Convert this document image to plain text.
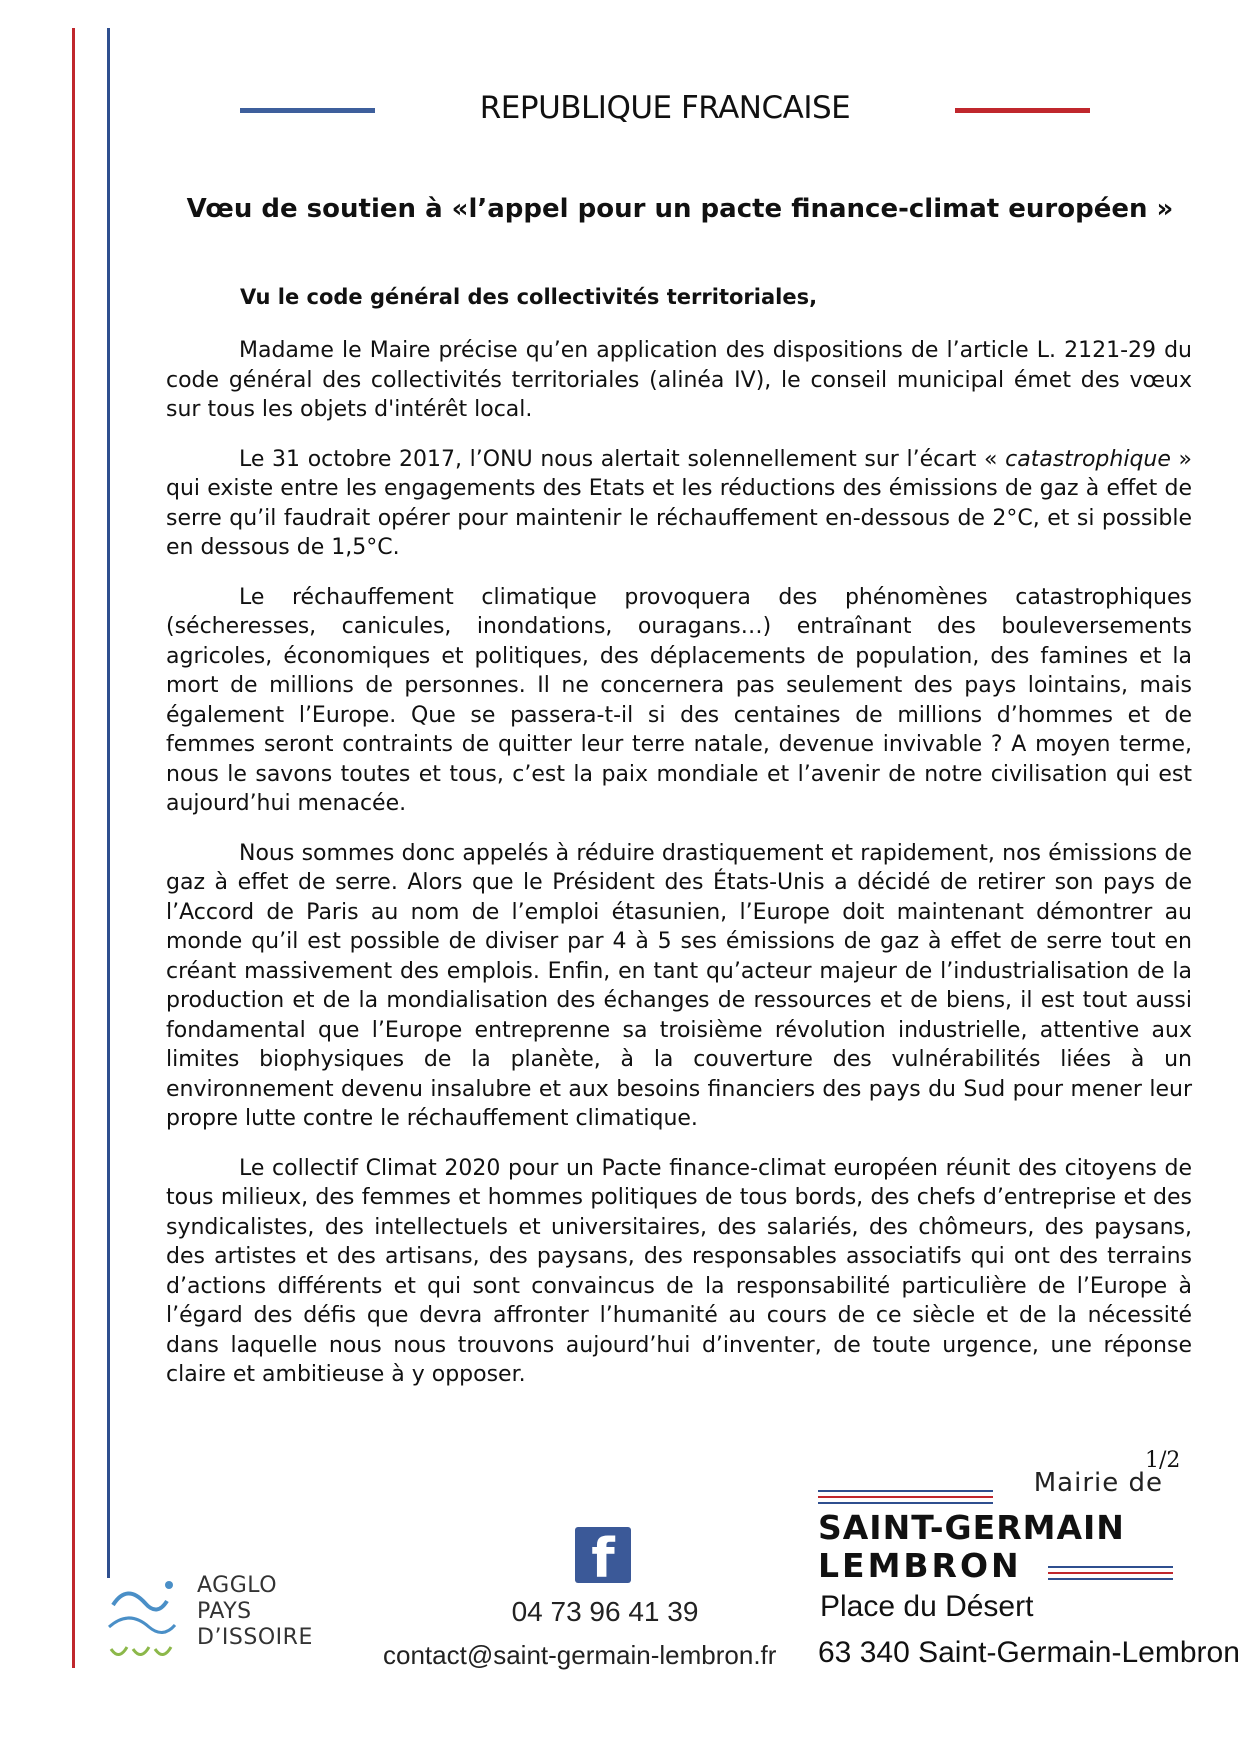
REPUBLIQUE FRANCAISE
Vœu de soutien à «l’appel pour un pacte finance-climat européen »
Vu le code général des collectivités territoriales,

Madame le Maire précise qu’en application des dispositions de l’article L. 2121-29 du code général des collectivités territoriales (alinéa IV), le conseil municipal émet des vœux sur tous les objets d'intérêt local.

Le 31 octobre 2017, l’ONU nous alertait solennellement sur l’écart « catastrophique » qui existe entre les engagements des Etats et les réductions des émissions de gaz à effet de serre qu’il faudrait opérer pour maintenir le réchauffement en-dessous de 2°C, et si possible en dessous de 1,5°C.

Le réchauffement climatique provoquera des phénomènes catastrophiques (sécheresses, canicules, inondations, ouragans…) entraînant des bouleversements agricoles, économiques et politiques, des déplacements de population, des famines et la mort de millions de personnes. Il ne concernera pas seulement des pays lointains, mais également l’Europe. Que se passera-t-il si des centaines de millions d’hommes et de femmes seront contraints de quitter leur terre natale, devenue invivable ? A moyen terme, nous le savons toutes et tous, c’est la paix mondiale et l’avenir de notre civilisation qui est aujourd’hui menacée.

Nous sommes donc appelés à réduire drastiquement et rapidement, nos émissions de gaz à effet de serre. Alors que le Président des États-Unis a décidé de retirer son pays de l’Accord de Paris au nom de l’emploi étasunien, l’Europe doit maintenant démontrer au monde qu’il est possible de diviser par 4 à 5 ses émissions de gaz à effet de serre tout en créant massivement des emplois. Enfin, en tant qu’acteur majeur de l’industrialisation de la production et de la mondialisation des échanges de ressources et de biens, il est tout aussi fondamental que l’Europe entreprenne sa troisième révolution industrielle, attentive aux limites biophysiques de la planète, à la couverture des vulnérabilités liées à un environnement devenu insalubre et aux besoins financiers des pays du Sud pour mener leur propre lutte contre le réchauffement climatique.

Le collectif Climat 2020 pour un Pacte finance-climat européen réunit des citoyens de tous milieux, des femmes et hommes politiques de tous bords, des chefs d’entreprise et des syndicalistes, des intellectuels et universitaires, des salariés, des chômeurs, des paysans, des artistes et des artisans, des paysans, des responsables associatifs qui ont des terrains d’actions différents et qui sont convaincus de la responsabilité particulière de l’Europe à l’égard des défis que devra affronter l’humanité au cours de ce siècle et de la nécessité dans laquelle nous nous trouvons aujourd’hui d’inventer, de toute urgence, une réponse claire et ambitieuse à y opposer.

1/2
AGGLO
PAYS
D’ISSOIRE
f
04 73 96 41 39
contact@saint-germain-lembron.fr
Mairie de
SAINT-GERMAIN
LEMBRON
Place du Désert
63 340 Saint-Germain-Lembron
